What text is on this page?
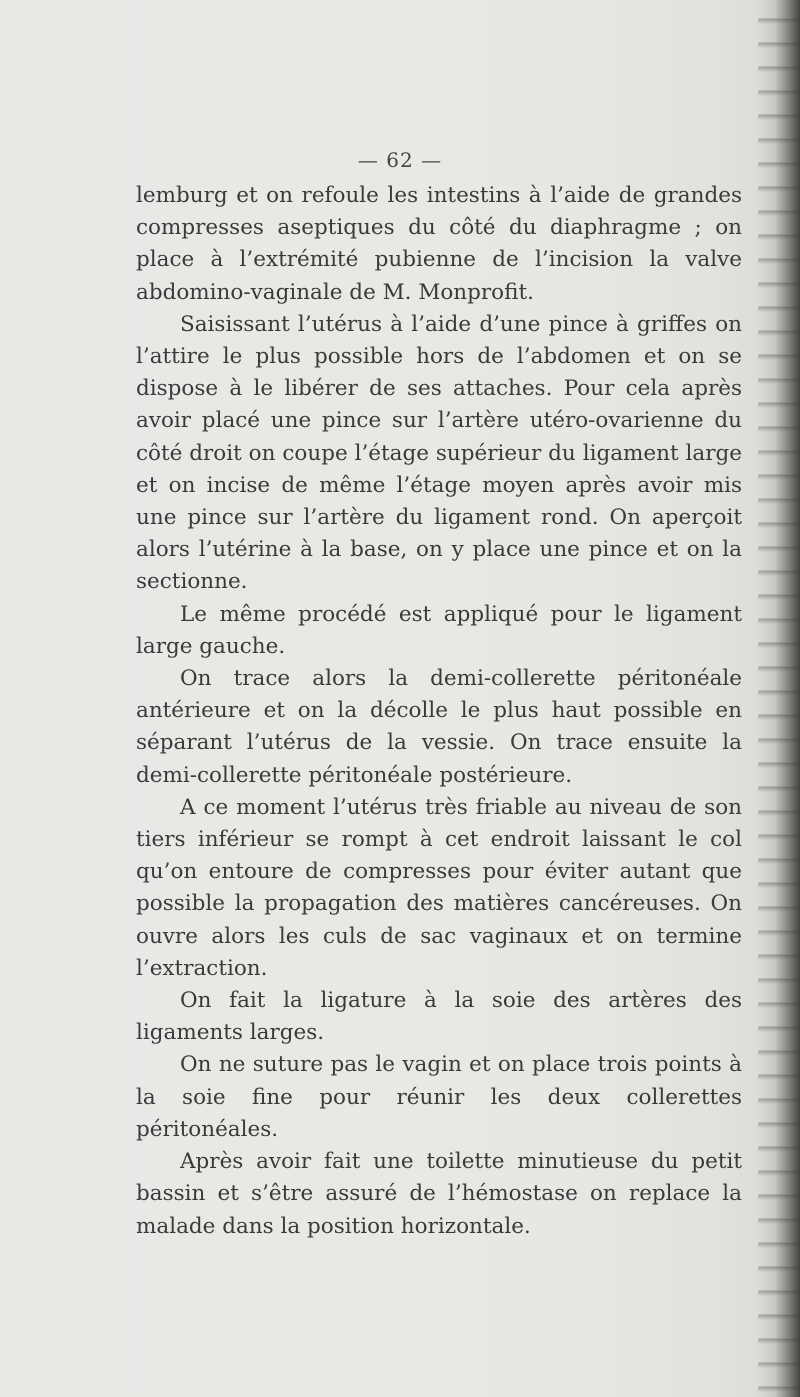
— 62 —

lemburg et on refoule les intestins à l’aide de grandes compresses aseptiques du côté du diaphragme ; on place à l’extrémité pubienne de l’incision la valve abdomino-vaginale de M. Monprofit.

Saisissant l’utérus à l’aide d’une pince à griffes on l’attire le plus possible hors de l’abdomen et on se dispose à le libérer de ses attaches. Pour cela après avoir placé une pince sur l’artère utéro-ovarienne du côté droit on coupe l’étage supérieur du ligament large et on incise de même l’étage moyen après avoir mis une pince sur l’artère du ligament rond. On aperçoit alors l’utérine à la base, on y place une pince et on la sectionne.

Le même procédé est appliqué pour le ligament large gauche.

On trace alors la demi-collerette péritonéale antérieure et on la décolle le plus haut possible en séparant l’utérus de la vessie. On trace ensuite la demi-collerette péritonéale postérieure.

A ce moment l’utérus très friable au niveau de son tiers inférieur se rompt à cet endroit laissant le col qu’on entoure de compresses pour éviter autant que possible la propagation des matières cancéreuses. On ouvre alors les culs de sac vaginaux et on termine l’extraction.

On fait la ligature à la soie des artères des ligaments larges.

On ne suture pas le vagin et on place trois points à la soie fine pour réunir les deux collerettes péritonéales.

Après avoir fait une toilette minutieuse du petit bassin et s’être assuré de l’hémostase on replace la malade dans la position horizontale.
